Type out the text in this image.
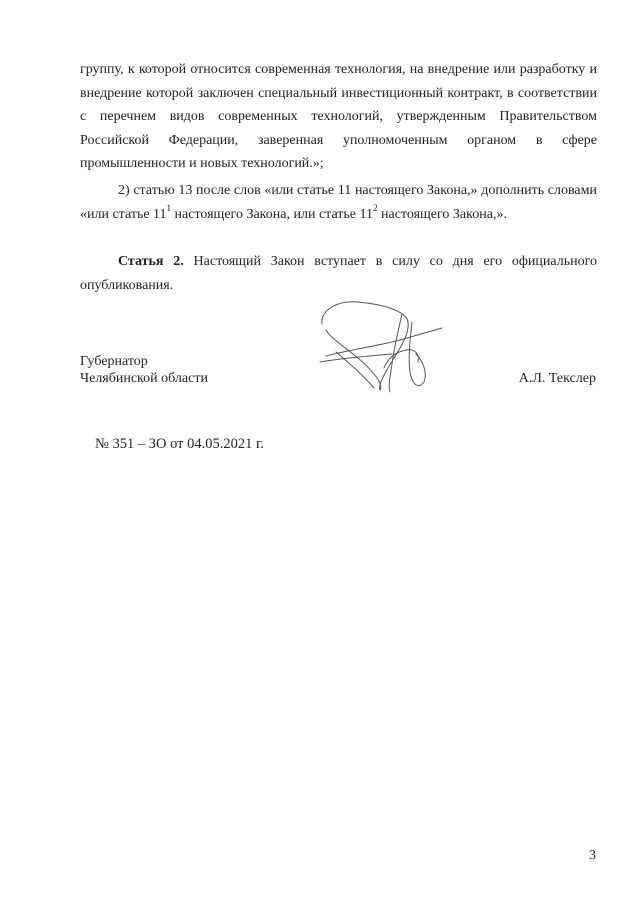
группу, к которой относится современная технология, на внедрение или разработку и
внедрение которой заключен специальный инвестиционный контракт, в соответствии
с перечнем видов современных технологий, утвержденным Правительством
Российской Федерации, заверенная уполномоченным органом в сфере
промышленности и новых технологий.»;

2) статью 13 после слов «или статье 11 настоящего Закона,» дополнить словами
«или статье $11^1$ настоящего Закона, или статье $11^2$ настоящего Закона,».

Статья 2. Настоящий Закон вступает в силу со дня его официального опубликования.

Губернатор
Челябинской области	А.Л. Текслер
№ 351 – ЗО от 04.05.2021 г.
3
